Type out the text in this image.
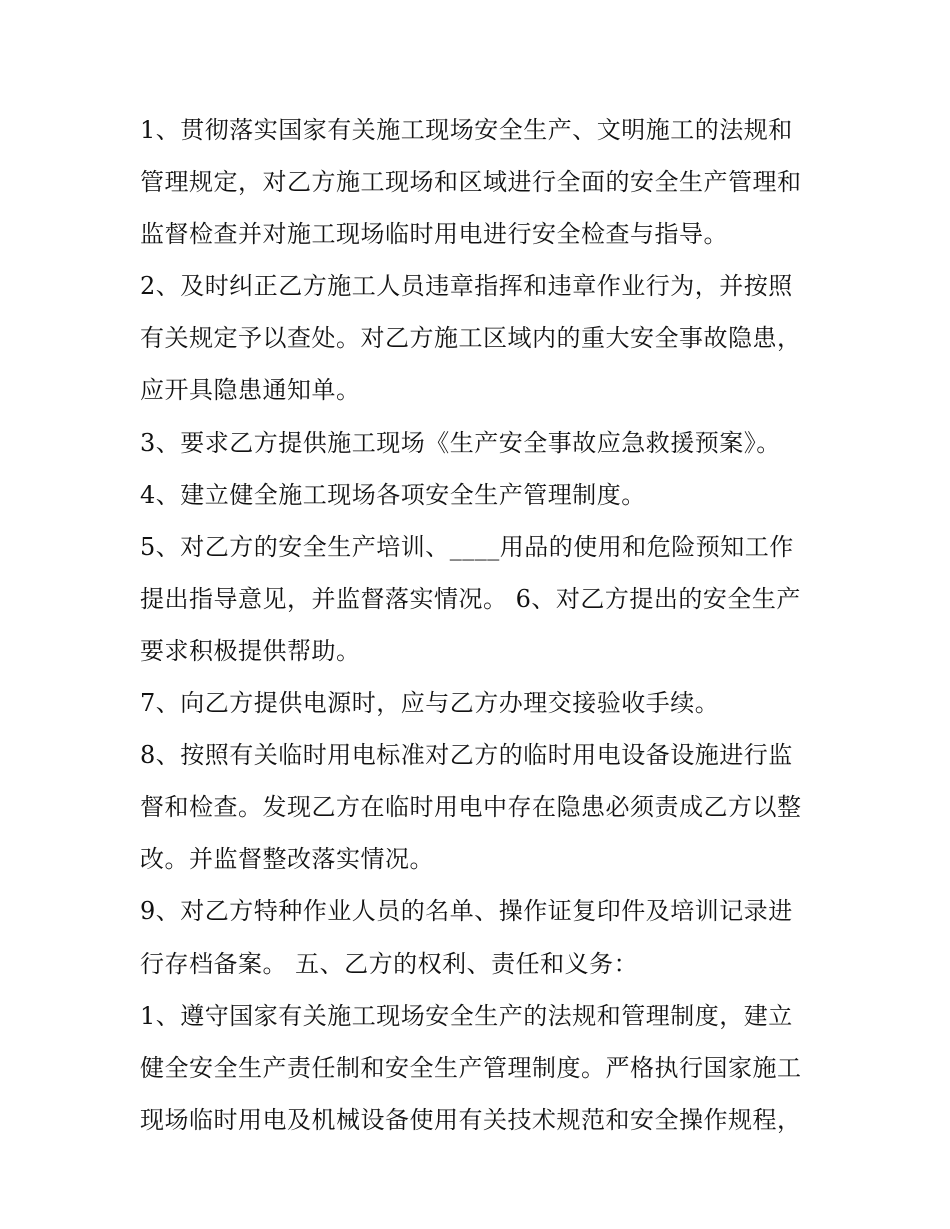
1、贯彻落实国家有关施工现场安全生产、文明施工的法规和
管理规定，对乙方施工现场和区域进行全面的安全生产管理和
监督检查并对施工现场临时用电进行安全检查与指导。
2、及时纠正乙方施工人员违章指挥和违章作业行为，并按照
有关规定予以查处。对乙方施工区域内的重大安全事故隐患，
应开具隐患通知单。
3、要求乙方提供施工现场《生产安全事故应急救援预案》。
4、建立健全施工现场各项安全生产管理制度。
5、对乙方的安全生产培训、____用品的使用和危险预知工作
提出指导意见，并监督落实情况。 6、对乙方提出的安全生产
要求积极提供帮助。
7、向乙方提供电源时，应与乙方办理交接验收手续。
8、按照有关临时用电标准对乙方的临时用电设备设施进行监
督和检查。发现乙方在临时用电中存在隐患必须责成乙方以整
改。并监督整改落实情况。
9、对乙方特种作业人员的名单、操作证复印件及培训记录进
行存档备案。 五、乙方的权利、责任和义务：
1、遵守国家有关施工现场安全生产的法规和管理制度，建立
健全安全生产责任制和安全生产管理制度。严格执行国家施工
现场临时用电及机械设备使用有关技术规范和安全操作规程，
